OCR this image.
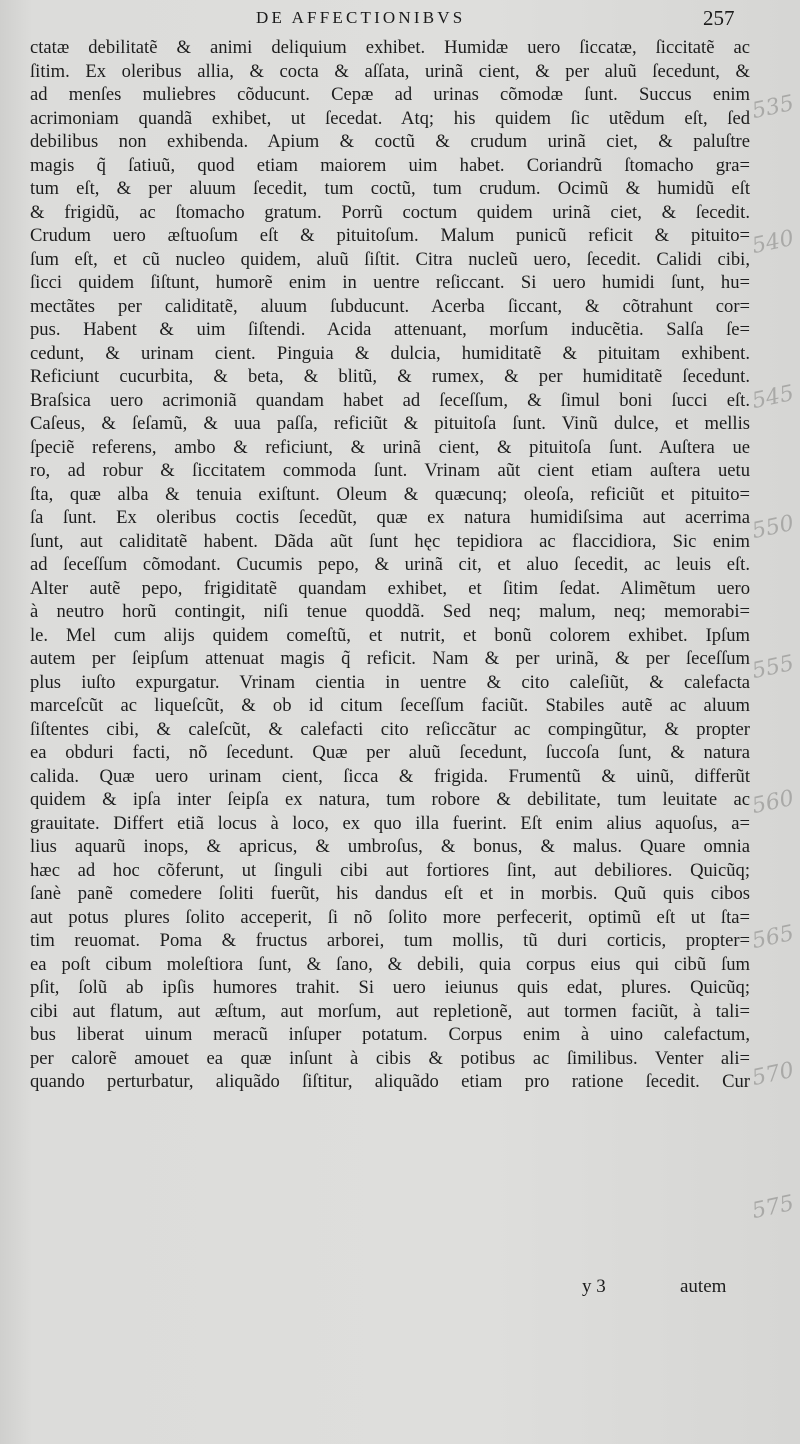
DE AFFECTIONIBVS	257
ctatæ debilitatẽ & animi deliquium exhibet. Humidæ uero ſiccatæ, ſiccitatẽ ac
ſitim. Ex oleribus allia, & cocta & aſſata, urinã cient, & per aluũ ſecedunt, &
ad menſes muliebres cõducunt. Cepæ ad urinas cõmodæ ſunt. Succus enim
acrimoniam quandã exhibet, ut ſecedat. Atq; his quidem ſic utẽdum eſt, ſed
debilibus non exhibenda. Apium & coctũ & crudum urinã ciet, & paluſtre
magis q̃ ſatiuũ, quod etiam maiorem uim habet. Coriandrũ ſtomacho gra=
tum eſt, & per aluum ſecedit, tum coctũ, tum crudum. Ocimũ & humidũ eſt
& frigidũ, ac ſtomacho gratum. Porrũ coctum quidem urinã ciet, & ſecedit.
Crudum uero æſtuoſum eſt & pituitoſum. Malum punicũ reficit & pituito=
ſum eſt, et cũ nucleo quidem, aluũ ſiſtit. Citra nucleũ uero, ſecedit. Calidi cibi,
ſicci quidem ſiſtunt, humorẽ enim in uentre reſiccant. Si uero humidi ſunt, hu=
mectãtes per caliditatẽ, aluum ſubducunt. Acerba ſiccant, & cõtrahunt cor=
pus. Habent & uim ſiſtendi. Acida attenuant, morſum inducẽtia. Salſa ſe=
cedunt, & urinam cient. Pinguia & dulcia, humiditatẽ & pituitam exhibent.
Reficiunt cucurbita, & beta, & blitũ, & rumex, & per humiditatẽ ſecedunt.
Braſsica uero acrimoniã quandam habet ad ſeceſſum, & ſimul boni ſucci eſt.
Caſeus, & ſeſamũ, & uua paſſa, reficiũt & pituitoſa ſunt. Vinũ dulce, et mellis
ſpeciẽ referens, ambo & reficiunt, & urinã cient, & pituitoſa ſunt. Auſtera ue
ro, ad robur & ſiccitatem commoda ſunt. Vrinam aũt cient etiam auſtera uetu
ſta, quæ alba & tenuia exiſtunt. Oleum & quæcunq; oleoſa, reficiũt et pituito=
ſa ſunt. Ex oleribus coctis ſecedũt, quæ ex natura humidiſsima aut acerrima
ſunt, aut caliditatẽ habent. Dãda aũt ſunt hęc tepidiora ac flaccidiora, Sic enim
ad ſeceſſum cõmodant. Cucumis pepo, & urinã cit, et aluo ſecedit, ac leuis eſt.
Alter autẽ pepo, frigiditatẽ quandam exhibet, et ſitim ſedat. Alimẽtum uero
à neutro horũ contingit, niſi tenue quoddã. Sed neq; malum, neq; memorabi=
le. Mel cum alijs quidem comeſtũ, et nutrit, et bonũ colorem exhibet. Ipſum
autem per ſeipſum attenuat magis q̃ reficit. Nam & per urinã, & per ſeceſſum
plus iuſto expurgatur. Vrinam cientia in uentre & cito caleſiũt, & calefacta
marceſcũt ac liqueſcũt, & ob id citum ſeceſſum faciũt. Stabiles autẽ ac aluum
ſiſtentes cibi, & caleſcũt, & calefacti cito reſiccãtur ac compingũtur, & propter
ea obduri facti, nõ ſecedunt. Quæ per aluũ ſecedunt, ſuccoſa ſunt, & natura
calida. Quæ uero urinam cient, ſicca & frigida. Frumentũ & uinũ, differũt
quidem & ipſa inter ſeipſa ex natura, tum robore & debilitate, tum leuitate ac
grauitate. Differt etiã locus à loco, ex quo illa fuerint. Eſt enim alius aquoſus, a=
lius aquarũ inops, & apricus, & umbroſus, & bonus, & malus. Quare omnia
hæc ad hoc cõferunt, ut ſinguli cibi aut fortiores ſint, aut debiliores. Quicũq;
ſanè panẽ comedere ſoliti fuerũt, his dandus eſt et in morbis. Quũ quis cibos
aut potus plures ſolito acceperit, ſi nõ ſolito more perfecerit, optimũ eſt ut ſta=
tim reuomat. Poma & fructus arborei, tum mollis, tũ duri corticis, propter=
ea poſt cibum moleſtiora ſunt, & ſano, & debili, quia corpus eius qui cibũ ſum
pſit, ſolũ ab ipſis humores trahit. Si uero ieiunus quis edat, plures. Quicũq;
cibi aut flatum, aut æſtum, aut morſum, aut repletionẽ, aut tormen faciũt, à tali=
bus liberat uinum meracũ inſuper potatum. Corpus enim à uino calefactum,
per calorẽ amouet ea quæ inſunt à cibis & potibus ac ſimilibus. Venter ali=
quando perturbatur, aliquãdo ſiſtitur, aliquãdo etiam pro ratione ſecedit. Cur
y 3	autem
535
540
545
550
555
560
565
570
575
